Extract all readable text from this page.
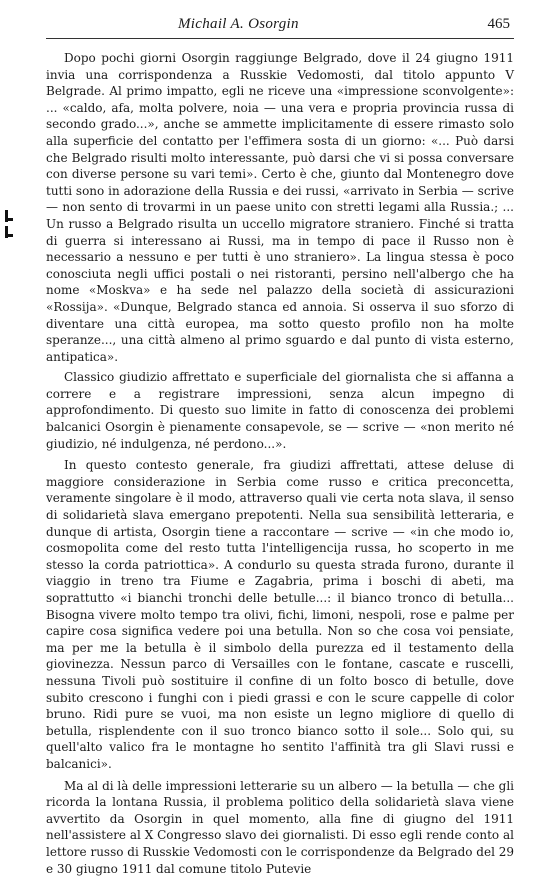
Michail A. Osorgin	465

Dopo pochi giorni Osorgin raggiunge Belgrado, dove il 24 giugno 1911 invia una corrispondenza a Russkie Vedomosti, dal titolo appunto V Belgrade. Al primo impatto, egli ne riceve una «impressione sconvolgente»: ... «caldo, afa, molta polvere, noia — una vera e propria provincia russa di secondo grado...», anche se ammette implicitamente di essere rimasto solo alla superficie del contatto per l'effimera sosta di un giorno: «... Può darsi che Belgrado risulti molto interessante, può darsi che vi si possa conversare con diverse persone su vari temi». Certo è che, giunto dal Montenegro dove tutti sono in adorazione della Russia e dei russi, «arrivato in Serbia — scrive — non sento di trovarmi in un paese unito con stretti legami alla Russia.; ... Un russo a Belgrado risulta un uccello migratore straniero. Finché si tratta di guerra si interessano ai Russi, ma in tempo di pace il Russo non è necessario a nessuno e per tutti è uno straniero». La lingua stessa è poco conosciuta negli uffici postali o nei ristoranti, persino nell'albergo che ha nome «Moskva» e ha sede nel palazzo della società di assicurazioni «Rossija». «Dunque, Belgrado stanca ed annoia. Si osserva il suo sforzo di diventare una città europea, ma sotto questo profilo non ha molte speranze..., una città almeno al primo sguardo e dal punto di vista esterno, antipatica».

Classico giudizio affrettato e superficiale del giornalista che si affanna a correre e a registrare impressioni, senza alcun impegno di approfondimento. Di questo suo limite in fatto di conoscenza dei problemi balcanici Osorgin è pienamente consapevole, se — scrive — «non merito né giudizio, né indulgenza, né perdono...».

In questo contesto generale, fra giudizi affrettati, attese deluse di maggiore considerazione in Serbia come russo e critica preconcetta, veramente singolare è il modo, attraverso quali vie certa nota slava, il senso di solidarietà slava emergano prepotenti. Nella sua sensibilità letteraria, e dunque di artista, Osorgin tiene a raccontare — scrive — «in che modo io, cosmopolita come del resto tutta l'intelligencija russa, ho scoperto in me stesso la corda patriottica». A condurlo su questa strada furono, durante il viaggio in treno tra Fiume e Zagabria, prima i boschi di abeti, ma soprattutto «i bianchi tronchi delle betulle...: il bianco tronco di betulla... Bisogna vivere molto tempo tra olivi, fichi, limoni, nespoli, rose e palme per capire cosa significa vedere poi una betulla. Non so che cosa voi pensiate, ma per me la betulla è il simbolo della purezza ed il testamento della giovinezza. Nessun parco di Versailles con le fontane, cascate e ruscelli, nessuna Tivoli può sostituire il confine di un folto bosco di betulle, dove subito crescono i funghi con i piedi grassi e con le scure cappelle di color bruno. Ridi pure se vuoi, ma non esiste un legno migliore di quello di betulla, risplendente con il suo tronco bianco sotto il sole... Solo qui, su quell'alto valico fra le montagne ho sentito l'affinità tra gli Slavi russi e balcanici».

Ma al di là delle impressioni letterarie su un albero — la betulla — che gli ricorda la lontana Russia, il problema politico della solidarietà slava viene avvertito da Osorgin in quel momento, alla fine di giugno del 1911 nell'assistere al X Congresso slavo dei giornalisti. Di esso egli rende conto al lettore russo di Russkie Vedomosti con le corrispondenze da Belgrado del 29 e 30 giugno 1911 dal comune titolo Putevie
